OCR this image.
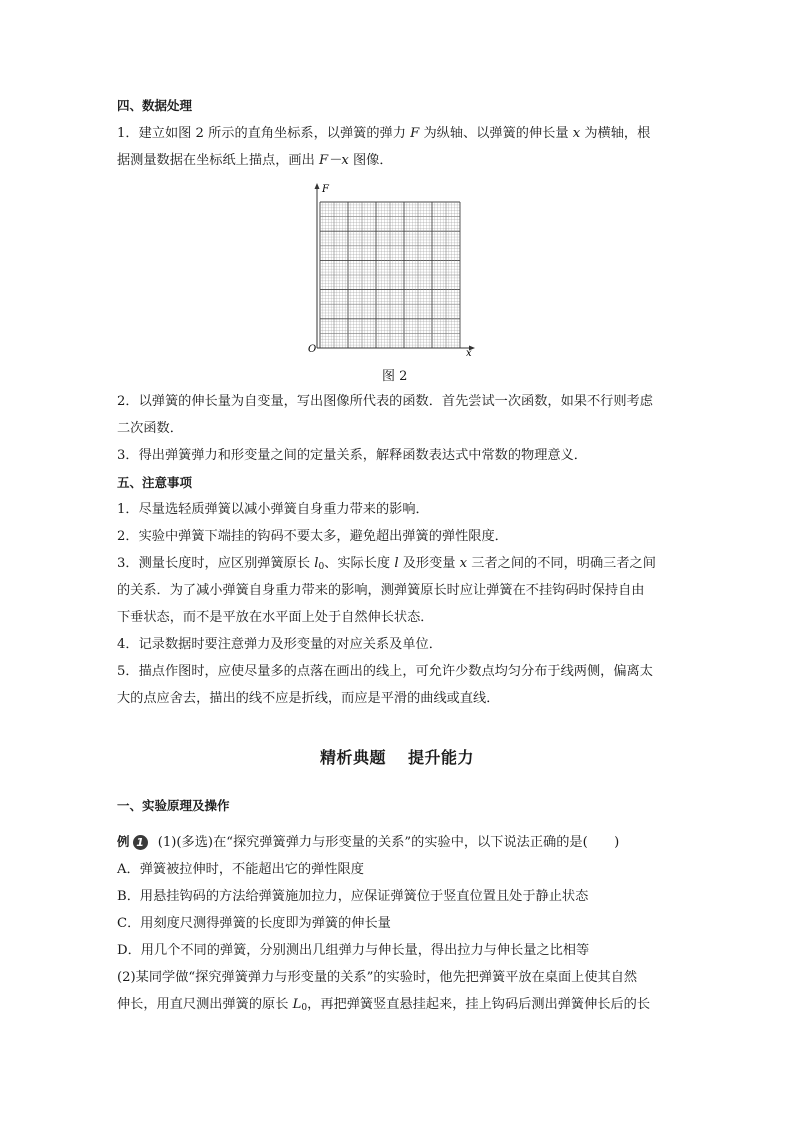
四、数据处理
1．建立如图 2 所示的直角坐标系，以弹簧的弹力 F 为纵轴、以弹簧的伸长量 x 为横轴，根
据测量数据在坐标纸上描点，画出 F－x 图像．
F
x
O
图 2
2．以弹簧的伸长量为自变量，写出图像所代表的函数．首先尝试一次函数，如果不行则考虑
二次函数．
3．得出弹簧弹力和形变量之间的定量关系，解释函数表达式中常数的物理意义．
五、注意事项
1．尽量选轻质弹簧以减小弹簧自身重力带来的影响．
2．实验中弹簧下端挂的钩码不要太多，避免超出弹簧的弹性限度．
3．测量长度时，应区别弹簧原长 $l_0$、实际长度 l 及形变量 x 三者之间的不同，明确三者之间
的关系．为了减小弹簧自身重力带来的影响，测弹簧原长时应让弹簧在不挂钩码时保持自由
下垂状态，而不是平放在水平面上处于自然伸长状态．
4．记录数据时要注意弹力及形变量的对应关系及单位．
5．描点作图时，应使尽量多的点落在画出的线上，可允许少数点均匀分布于线两侧，偏离太
大的点应舍去，描出的线不应是折线，而应是平滑的曲线或直线．
精析典题 提升能力
一、实验原理及操作
例 1 (1)(多选)在“探究弹簧弹力与形变量的关系”的实验中，以下说法正确的是(　　)
A．弹簧被拉伸时，不能超出它的弹性限度
B．用悬挂钩码的方法给弹簧施加拉力，应保证弹簧位于竖直位置且处于静止状态
C．用刻度尺测得弹簧的长度即为弹簧的伸长量
D．用几个不同的弹簧，分别测出几组弹力与伸长量，得出拉力与伸长量之比相等
(2)某同学做“探究弹簧弹力与形变量的关系”的实验时，他先把弹簧平放在桌面上使其自然
伸长，用直尺测出弹簧的原长 $L_0$，再把弹簧竖直悬挂起来，挂上钩码后测出弹簧伸长后的长
